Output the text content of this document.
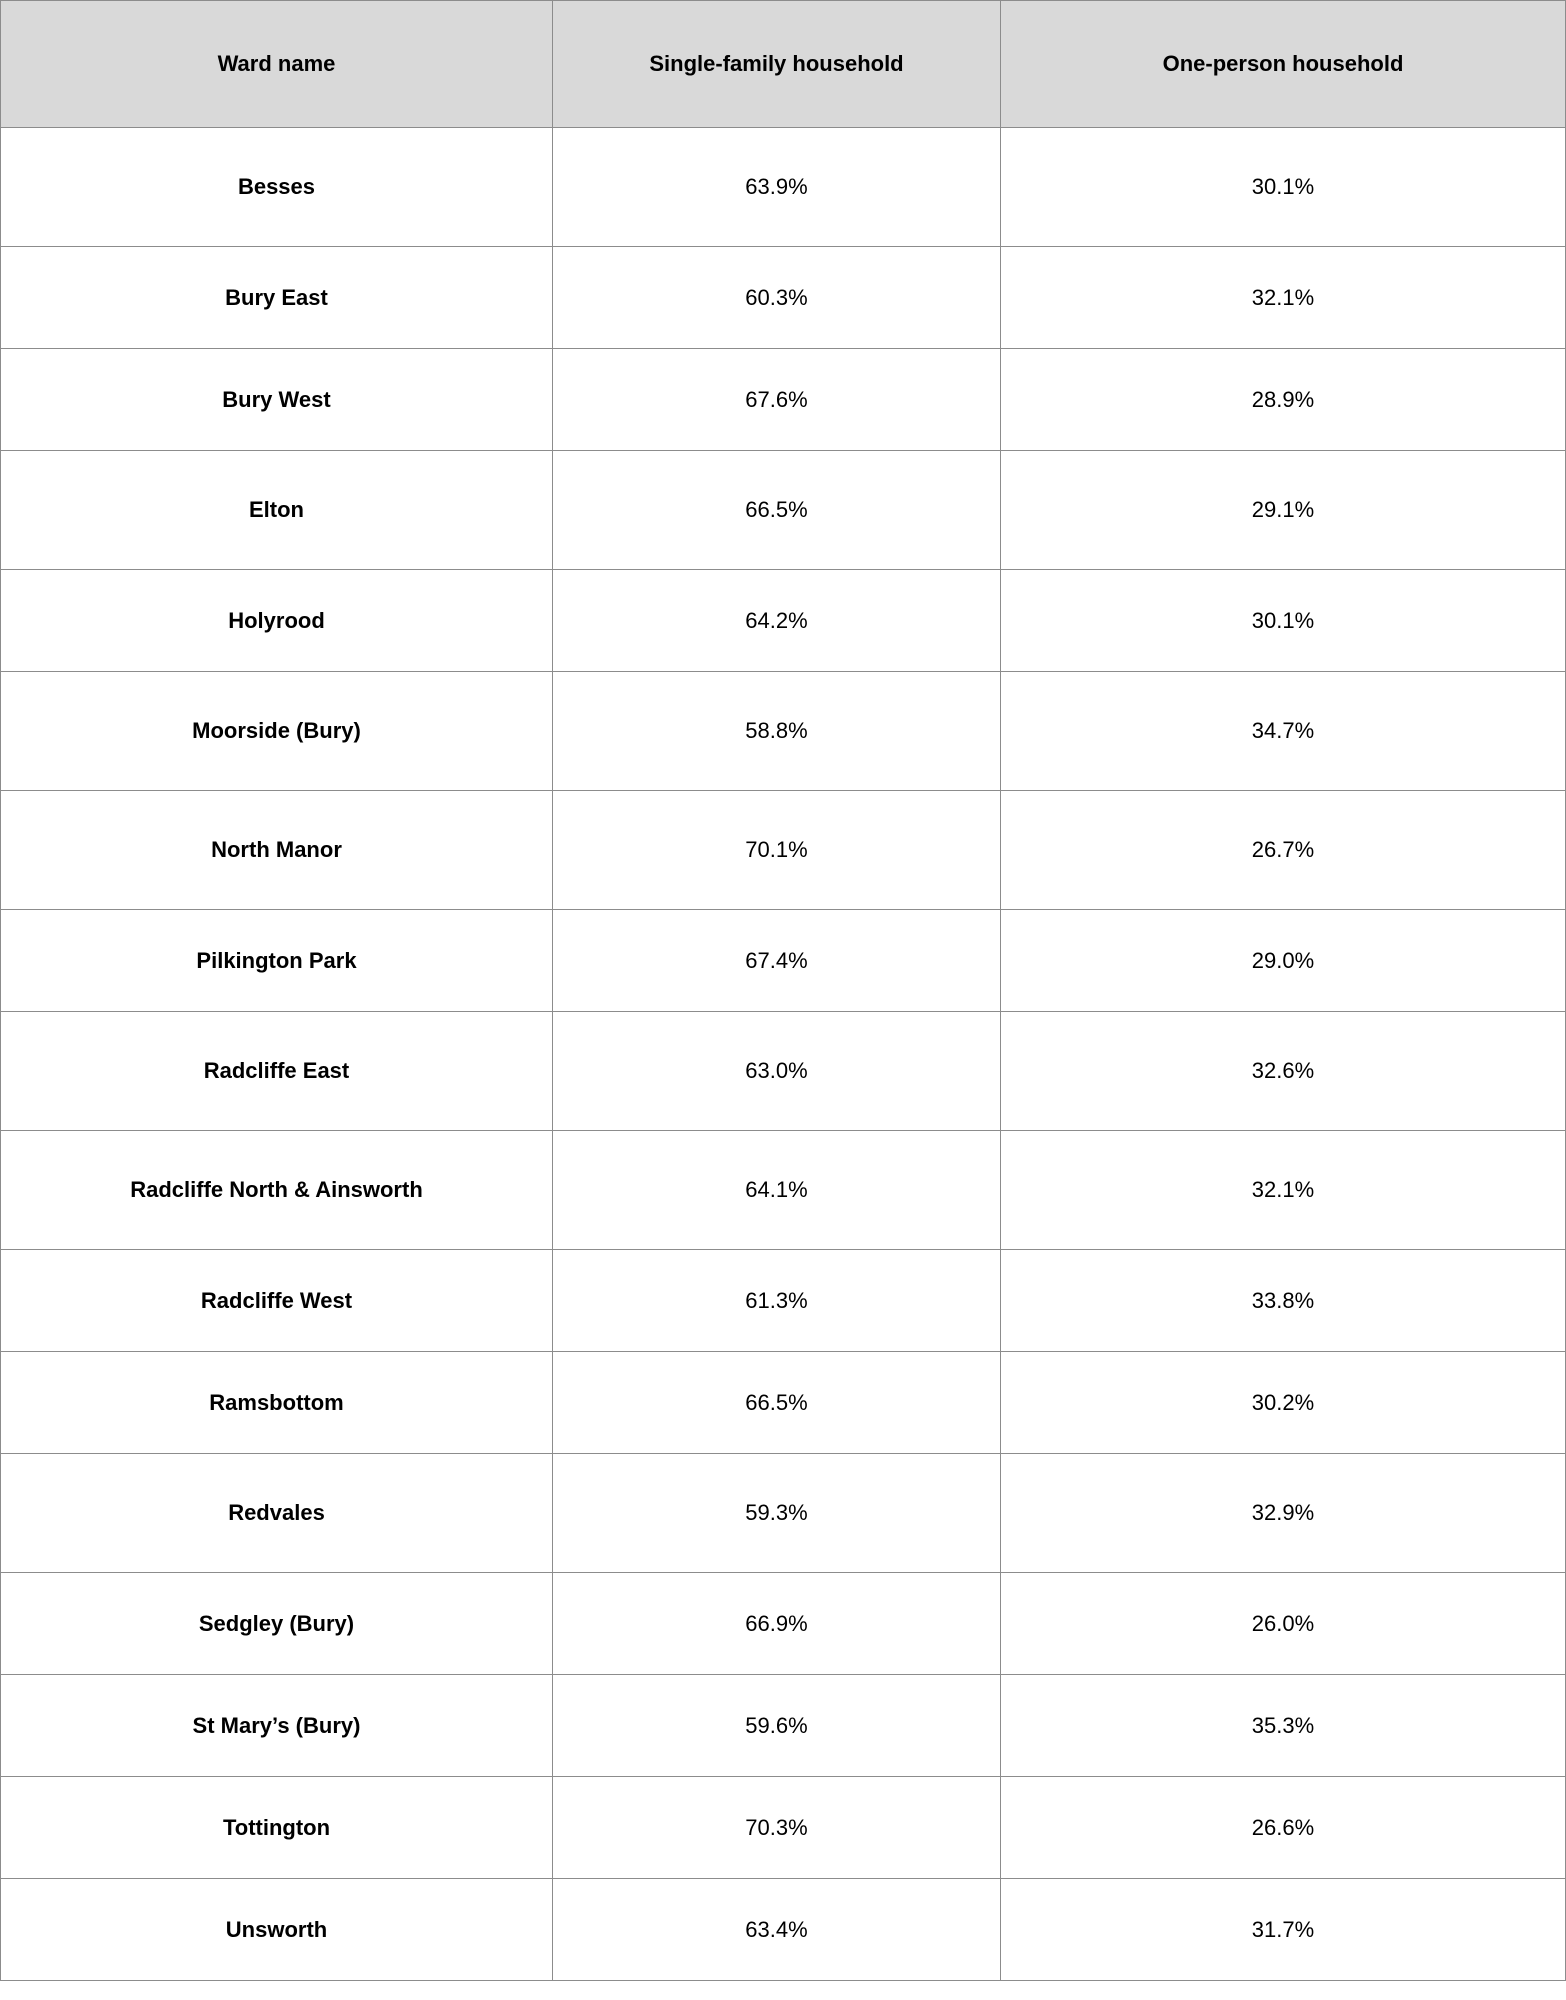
Ward name	Single-family household	One-person household
Besses	63.9%	30.1%
Bury East	60.3%	32.1%
Bury West	67.6%	28.9%
Elton	66.5%	29.1%
Holyrood	64.2%	30.1%
Moorside (Bury)	58.8%	34.7%
North Manor	70.1%	26.7%
Pilkington Park	67.4%	29.0%
Radcliffe East	63.0%	32.6%
Radcliffe North & Ainsworth	64.1%	32.1%
Radcliffe West	61.3%	33.8%
Ramsbottom	66.5%	30.2%
Redvales	59.3%	32.9%
Sedgley (Bury)	66.9%	26.0%
St Mary’s (Bury)	59.6%	35.3%
Tottington	70.3%	26.6%
Unsworth	63.4%	31.7%
